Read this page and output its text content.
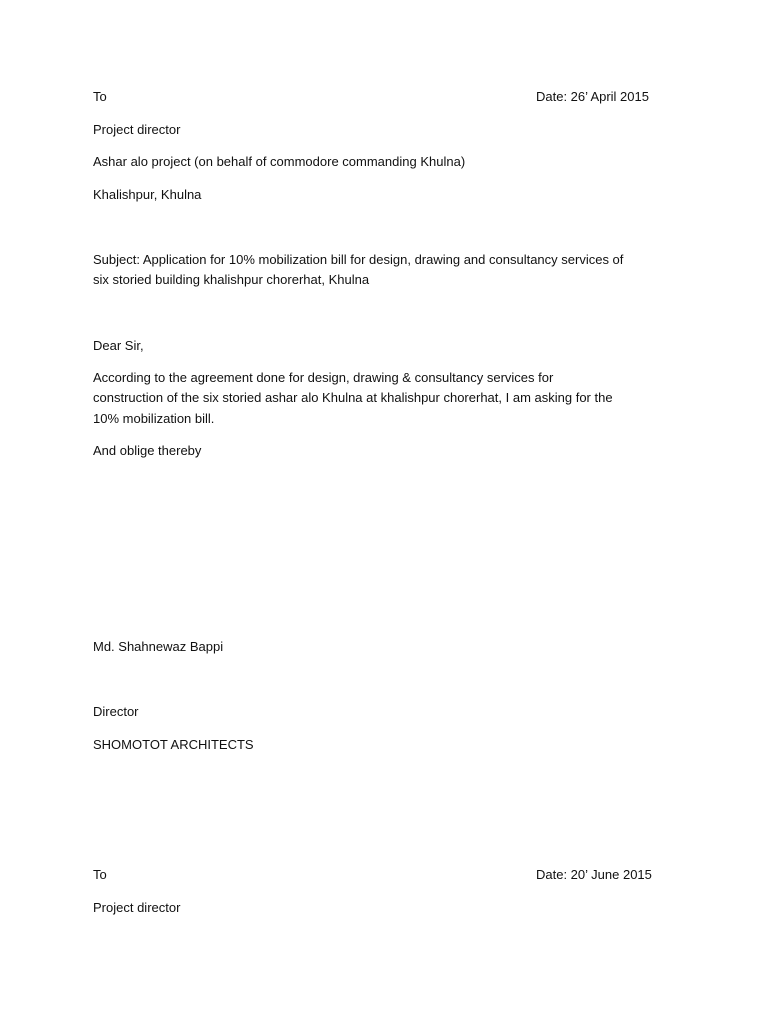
To	Date: 26’ April 2015
Project director
Ashar alo project (on behalf of commodore commanding Khulna)
Khalishpur, Khulna
Subject: Application for 10% mobilization bill for design, drawing and consultancy services of
six storied building khalishpur chorerhat, Khulna
Dear Sir,
According to the agreement done for design, drawing & consultancy services for
construction of the six storied ashar alo Khulna at khalishpur chorerhat, I am asking for the
10% mobilization bill.
And oblige thereby
Md. Shahnewaz Bappi
Director
SHOMOTOT ARCHITECTS
To	Date: 20’ June 2015
Project director
